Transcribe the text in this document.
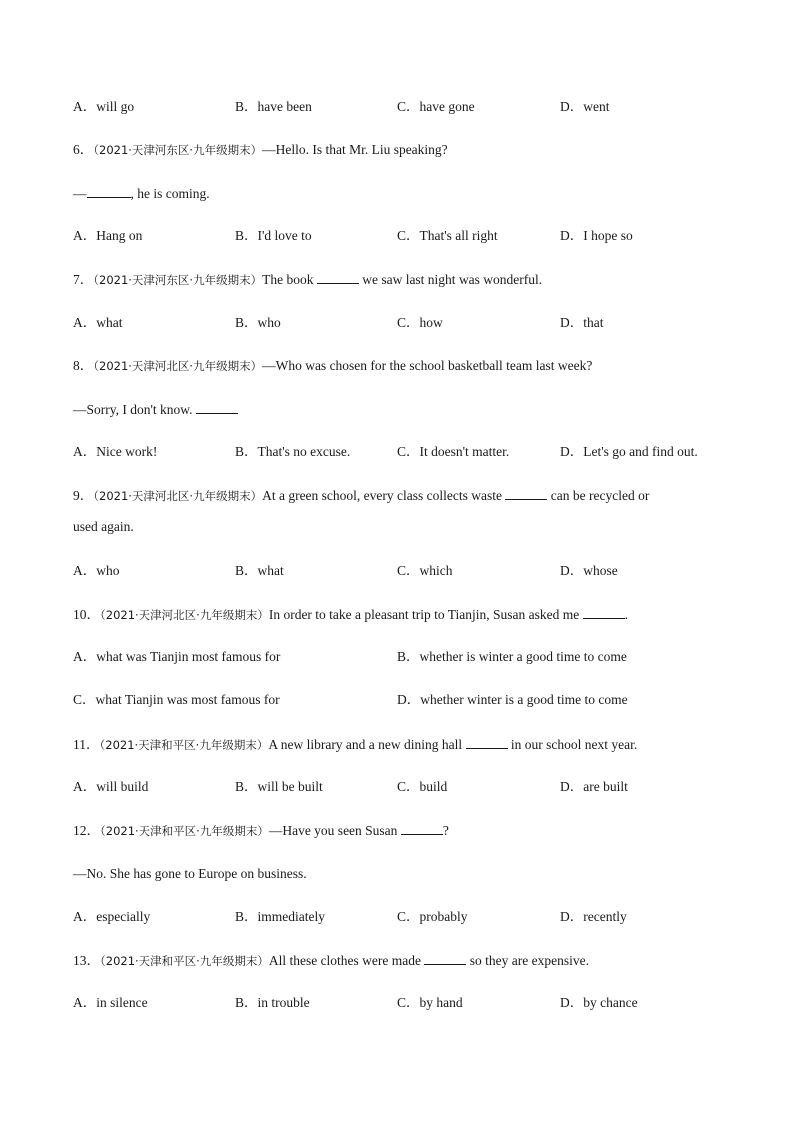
A．will go	B．have been	C．have gone	D．went
6．（2021·天津河东区·九年级期末）—Hello. Is that Mr. Liu speaking?
—	, he is coming.
A．Hang on	B．I'd love to	C．That's all right	D．I hope so
7．（2021·天津河东区·九年级期末）The book	we saw last night was wonderful.
A．what	B．who	C．how	D．that
8．（2021·天津河北区·九年级期末）—Who was chosen for the school basketball team last week?
—Sorry, I don't know.
A．Nice work!	B．That's no excuse.	C．It doesn't matter.	D．Let's go and find out.
9．（2021·天津河北区·九年级期末）At a green school, every class collects waste	can be recycled or
used again.
A．who	B．what	C．which	D．whose
10．（2021·天津河北区·九年级期末）In order to take a pleasant trip to Tianjin, Susan asked me	.
A．what was Tianjin most famous for	B．whether is winter a good time to come
C．what Tianjin was most famous for	D．whether winter is a good time to come
11．（2021·天津和平区·九年级期末）A new library and a new dining hall	in our school next year.
A．will build	B．will be built	C．build	D．are built
12．（2021·天津和平区·九年级期末）—Have you seen Susan	?
—No. She has gone to Europe on business.
A．especially	B．immediately	C．probably	D．recently
13．（2021·天津和平区·九年级期末）All these clothes were made	so they are expensive.
A．in silence	B．in trouble	C．by hand	D．by chance
